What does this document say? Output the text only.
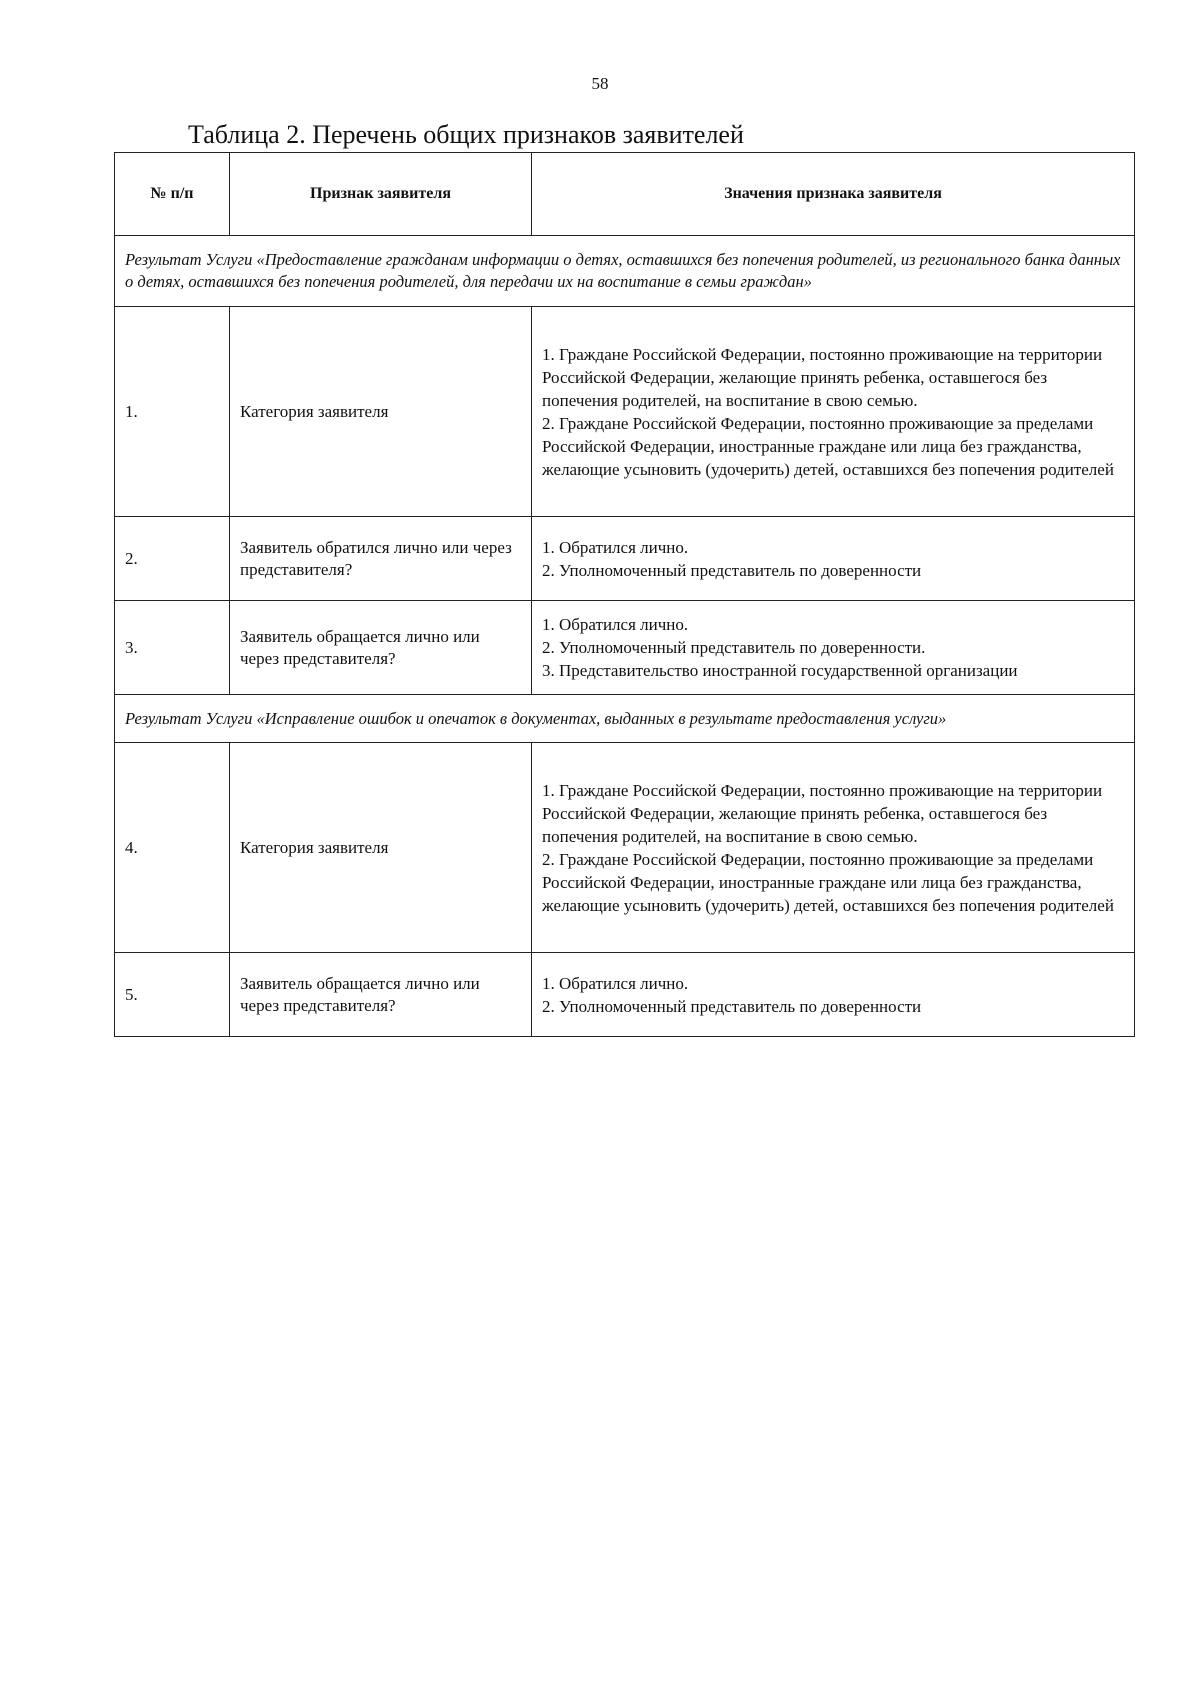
58
Таблица 2. Перечень общих признаков заявителей
№ п/п	Признак заявителя	Значения признака заявителя
Результат Услуги «Предоставление гражданам информации о детях, оставшихся без попечения родителей, из регионального банка данных о детях, оставшихся без попечения родителей, для передачи их на воспитание в семьи граждан»		
1.	Категория заявителя	1. Граждане Российской Федерации, постоянно проживающие на территории Российской Федерации, желающие принять ребенка, оставшегося без попечения родителей, на воспитание в свою семью.
2. Граждане Российской Федерации, постоянно проживающие за пределами Российской Федерации, иностранные граждане или лица без гражданства, желающие усыновить (удочерить) детей, оставшихся без попечения родителей

2.	Заявитель обратился лично или через представителя?	1. Обратился лично.
2. Уполномоченный представитель по доверенности

3.	Заявитель обращается лично или через представителя?	1. Обратился лично.
2. Уполномоченный представитель по доверенности.
3. Представительство иностранной государственной организации

Результат Услуги «Исправление ошибок и опечаток в документах, выданных в результате предоставления услуги»		
4.	Категория заявителя	1. Граждане Российской Федерации, постоянно проживающие на территории Российской Федерации, желающие принять ребенка, оставшегося без попечения родителей, на воспитание в свою семью.
2. Граждане Российской Федерации, постоянно проживающие за пределами Российской Федерации, иностранные граждане или лица без гражданства, желающие усыновить (удочерить) детей, оставшихся без попечения родителей

5.	Заявитель обращается лично или через представителя?	1. Обратился лично.
2. Уполномоченный представитель по доверенности
